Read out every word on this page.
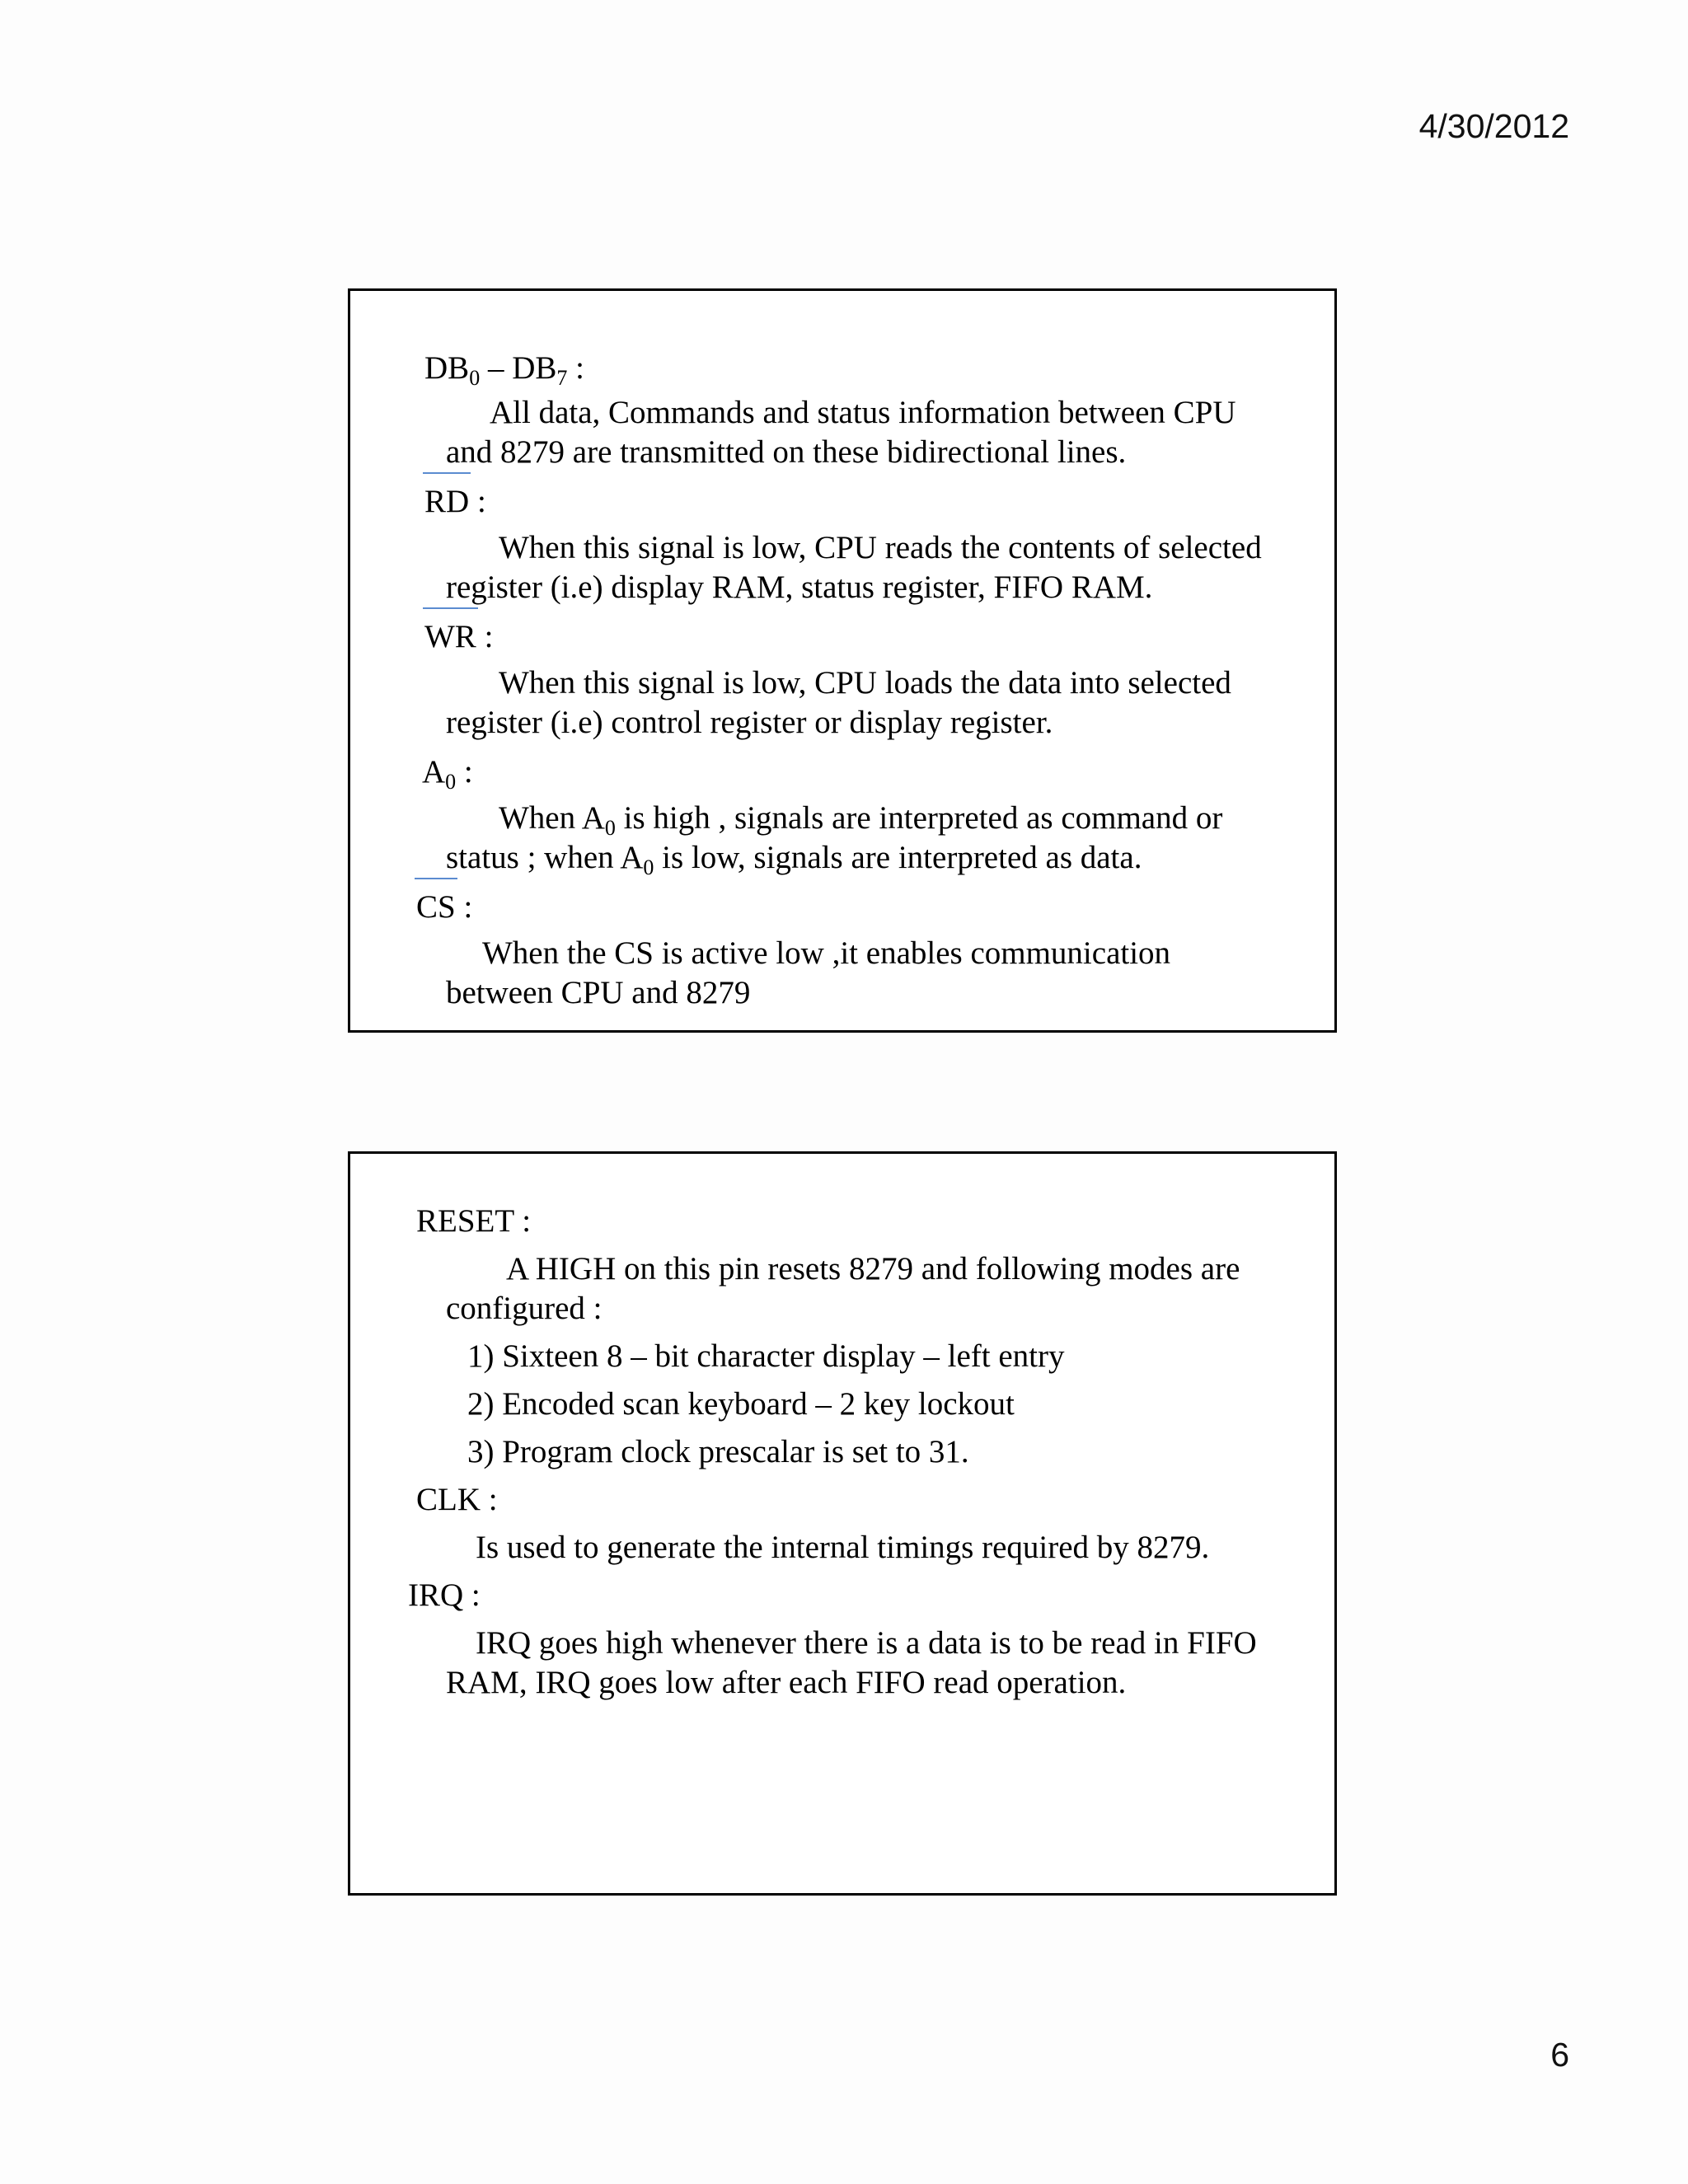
4/30/2012
$DB_0 - DB_7$ :
All data, Commands and status information between CPU
and 8279 are transmitted on these bidirectional lines.
RD :
When this signal is low, CPU reads the contents of selected
register (i.e) display RAM, status register, FIFO RAM.
WR :
When this signal is low, CPU loads the data into selected
register (i.e) control register or display register.
$A_0$ :
When $A_0$ is high , signals are interpreted as command or
status ; when $A_0$ is low, signals are interpreted as data.
CS :
When the CS is active low ,it enables communication
between CPU and 8279
RESET :
A HIGH on this pin resets 8279 and following modes are
configured :
1) Sixteen 8 – bit character display – left entry
2) Encoded scan keyboard – 2 key lockout
3) Program clock prescalar is set to 31.
CLK :
Is used to generate the internal timings required by 8279.
IRQ :
IRQ goes high whenever there is a data is to be read in FIFO
RAM, IRQ goes low after each FIFO read operation.
6
